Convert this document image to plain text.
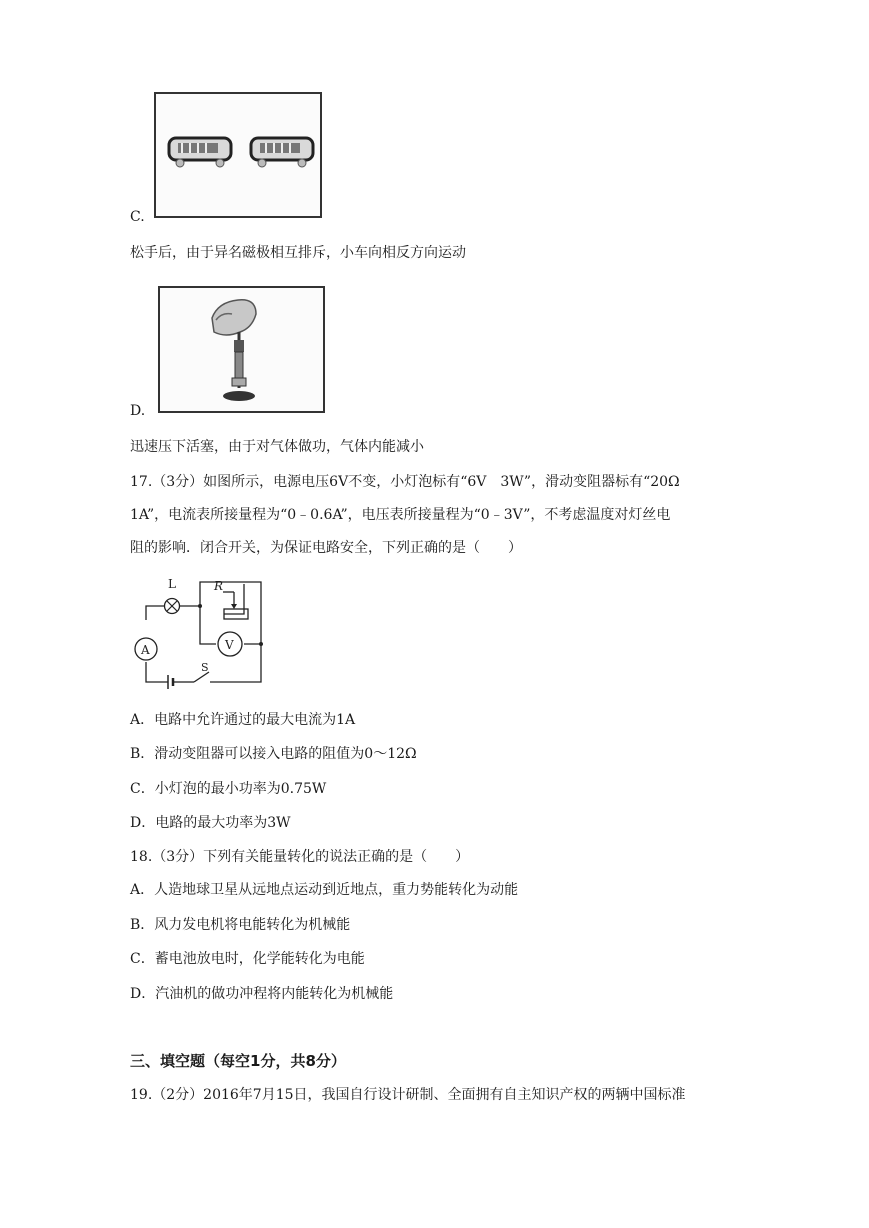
C.
松手后，由于异名磁极相互排斥，小车向相反方向运动
D.
迅速压下活塞，由于对气体做功，气体内能减小
17.（3分）如图所示，电源电压6V不变，小灯泡标有“6V　3W”，滑动变阻器标有“20Ω
1A”，电流表所接量程为“0﹣0.6A”，电压表所接量程为“0﹣3V”，不考虑温度对灯丝电
阻的影响．闭合开关，为保证电路安全，下列正确的是（　　）
L	R
A	V
S
A．电路中允许通过的最大电流为1A
B．滑动变阻器可以接入电路的阻值为0～12Ω
C．小灯泡的最小功率为0.75W
D．电路的最大功率为3W
18.（3分）下列有关能量转化的说法正确的是（　　）
A．人造地球卫星从远地点运动到近地点，重力势能转化为动能
B．风力发电机将电能转化为机械能
C．蓄电池放电时，化学能转化为电能
D．汽油机的做功冲程将内能转化为机械能
三、填空题（每空1分，共8分）
19.（2分）2016年7月15日，我国自行设计研制、全面拥有自主知识产权的两辆中国标准
